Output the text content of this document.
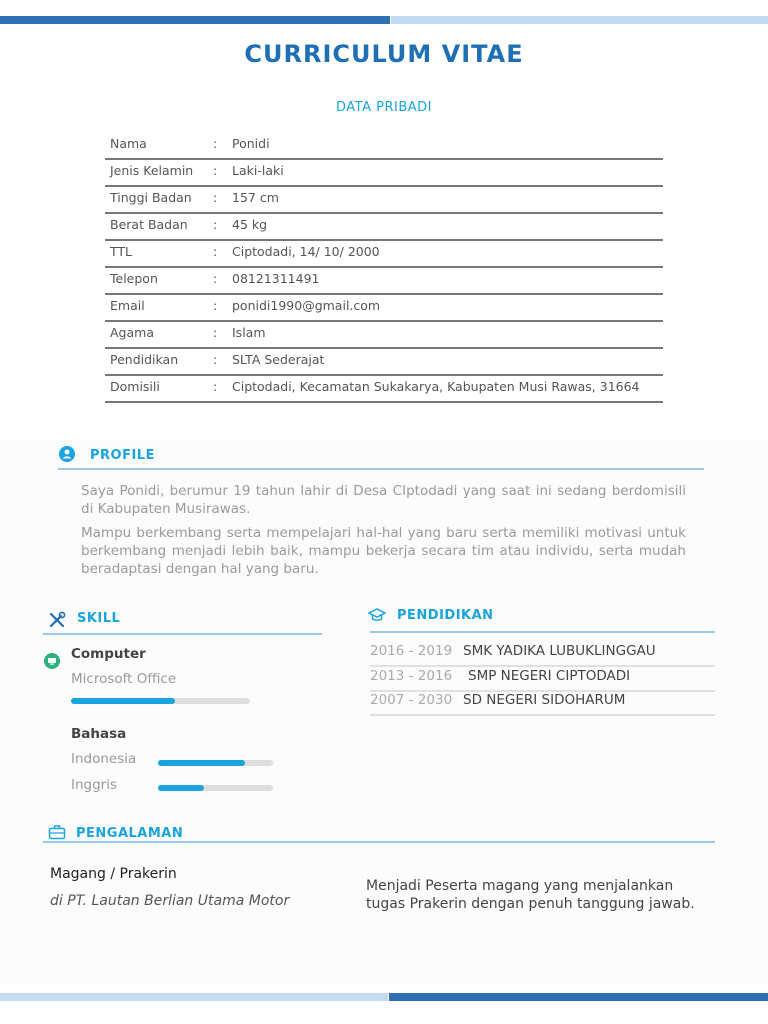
CURRICULUM VITAE
DATA PRIBADI
Nama	: Ponidi
Jenis Kelamin : Laki-laki
Tinggi Badan : 157 cm
Berat Badan : 45 kg
TTL	: Ciptodadi, 14/ 10/ 2000
Telepon	: 08121311491
Email	: ponidi1990@gmail.com
Agama	: Islam
Pendidikan	: SLTA Sederajat
Domisili	: Ciptodadi, Kecamatan Sukakarya, Kabupaten Musi Rawas, 31664
PROFILE

Saya Ponidi, berumur 19 tahun lahir di Desa CIptodadi yang saat ini sedang berdomisili di Kabupaten Musirawas.

Mampu berkembang serta mempelajari hal-hal yang baru serta memiliki motivasi untuk berkembang menjadi lebih baik, mampu bekerja secara tim atau individu, serta mudah beradaptasi dengan hal yang baru.

SKILL
Computer
Microsoft Office
Bahasa
Indonesia
Inggris
PENDIDIKAN
2016 - 2019 SMK YADIKA LUBUKLINGGAU
2013 - 2016 SMP NEGERI CIPTODADI
2007 - 2030 SD NEGERI SIDOHARUM
PENGALAMAN
Magang / Prakerin
di PT. Lautan Berlian Utama Motor

Menjadi Peserta magang yang menjalankan tugas Prakerin dengan penuh tanggung jawab.
